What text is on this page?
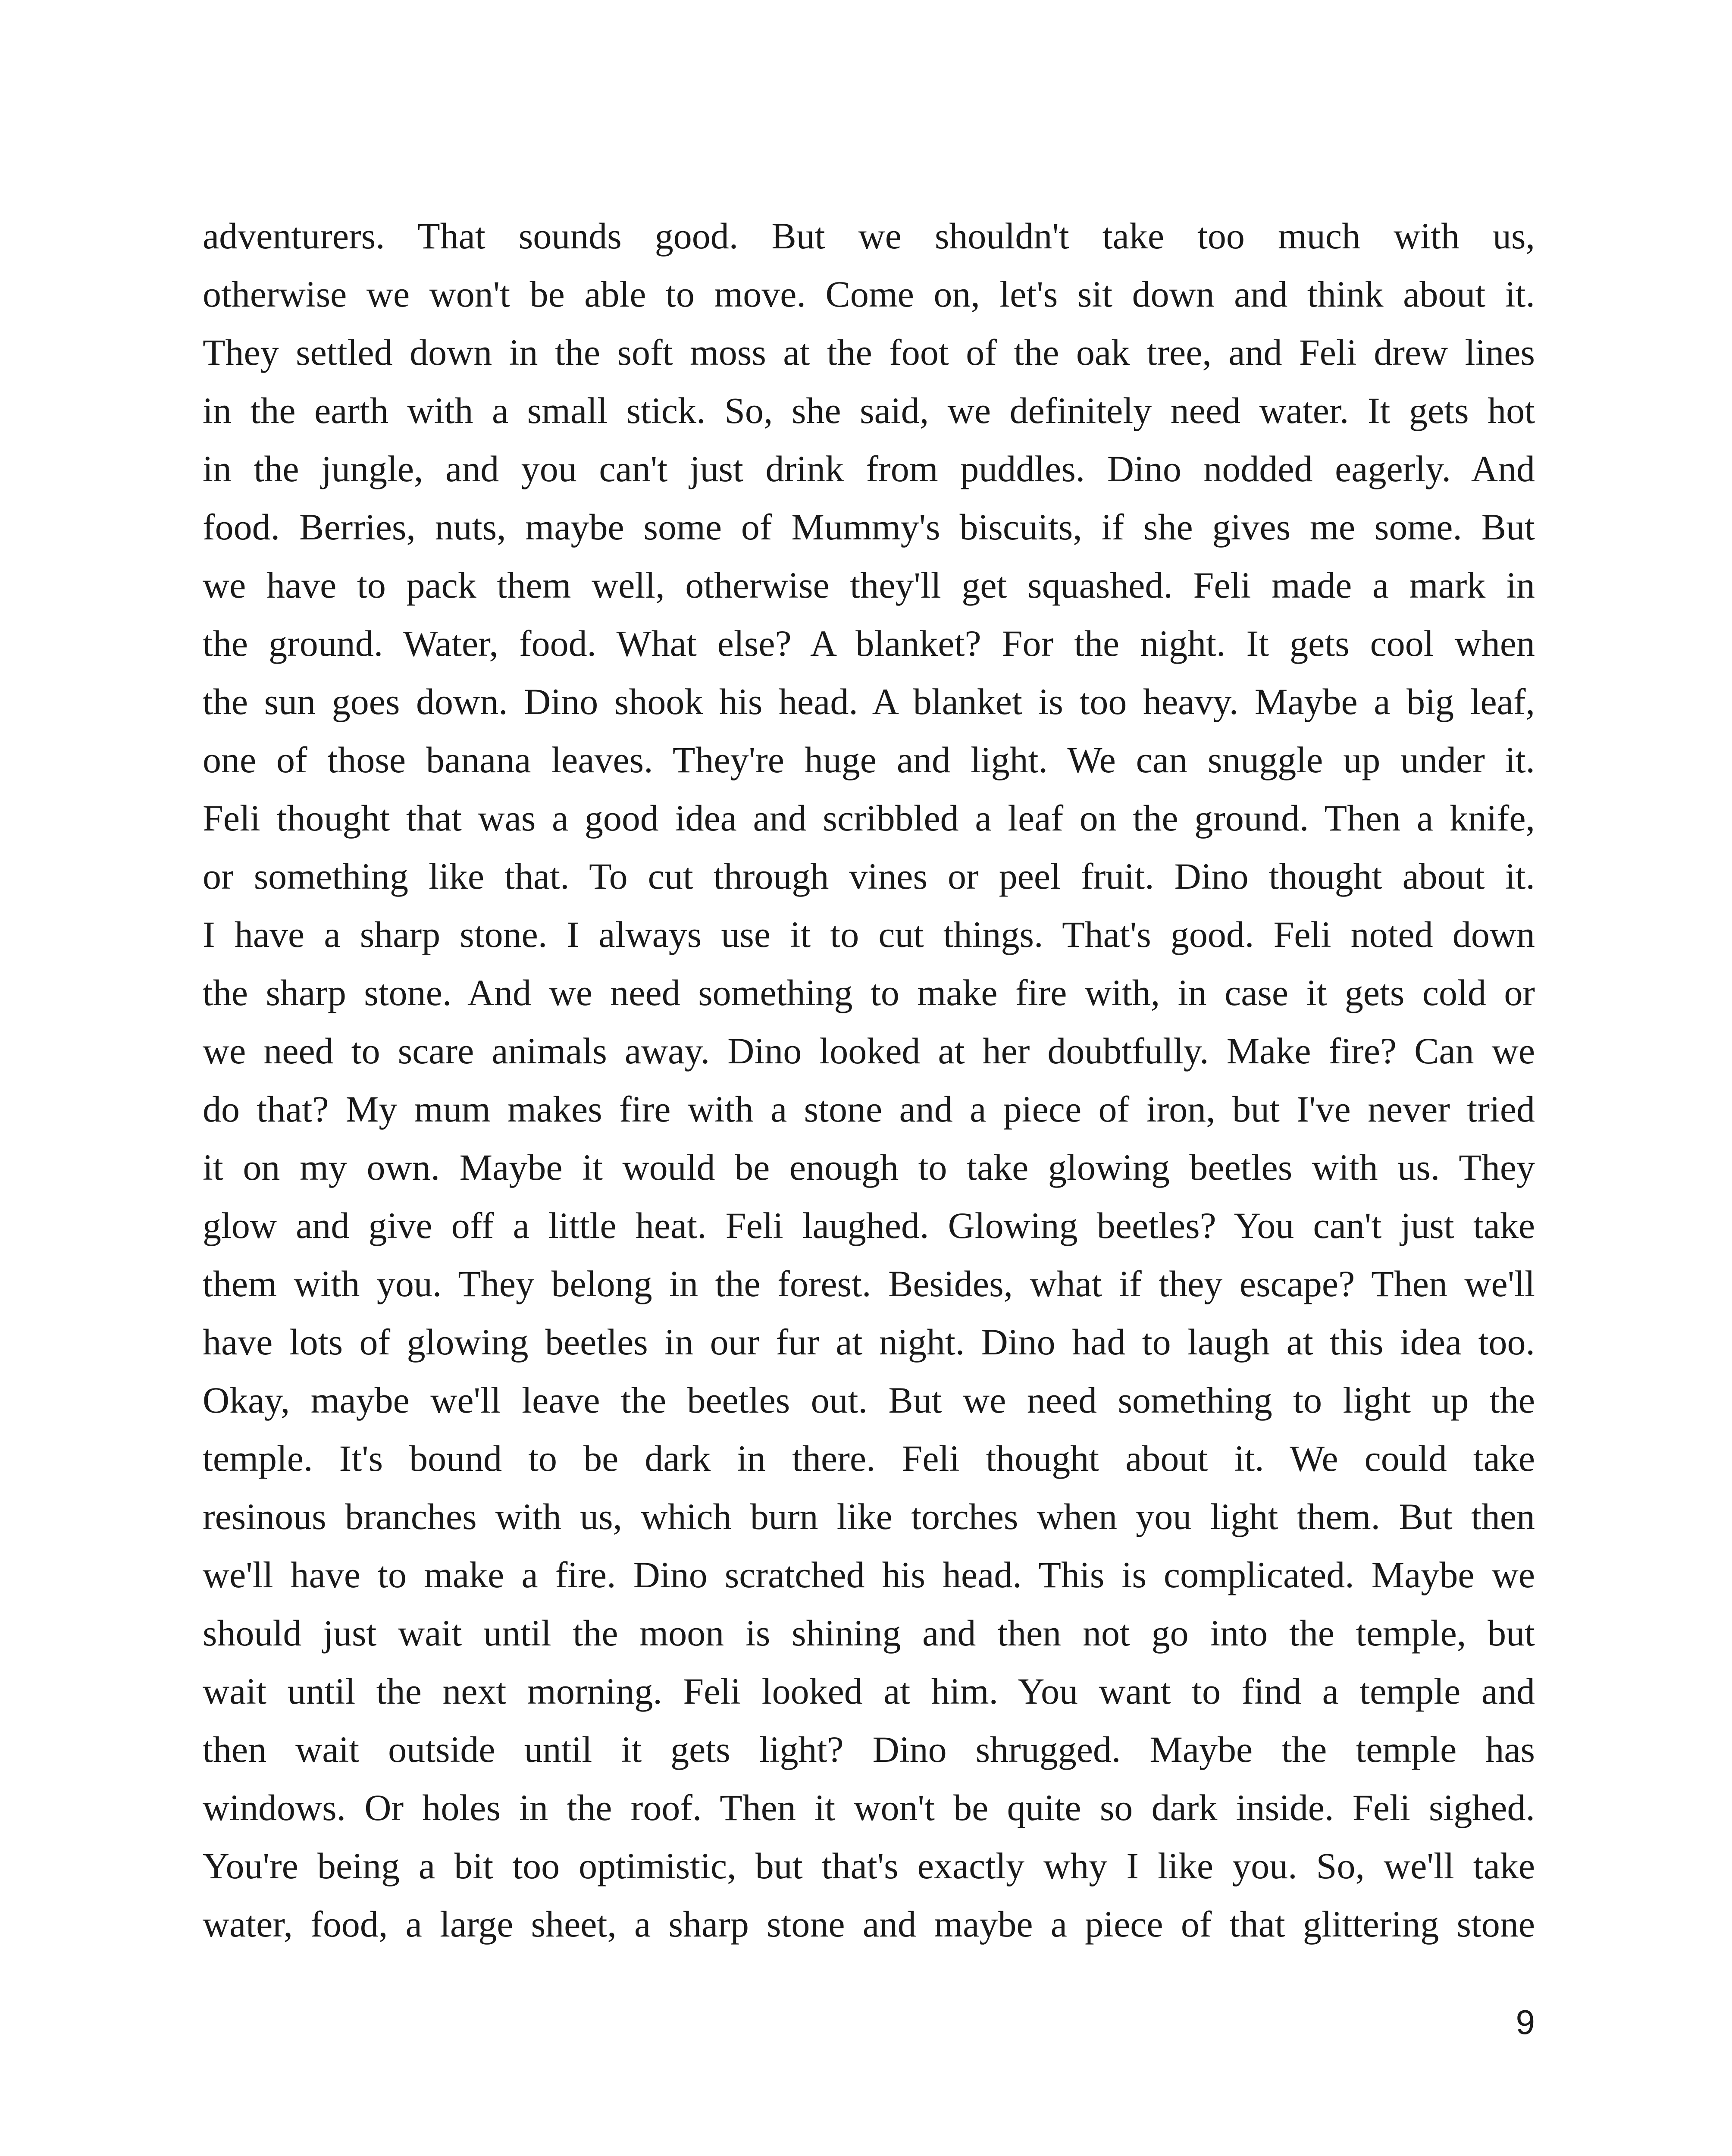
adventurers. That sounds good. But we shouldn't take too much with us,
otherwise we won't be able to move. Come on, let's sit down and think about it.
They settled down in the soft moss at the foot of the oak tree, and Feli drew lines
in the earth with a small stick. So, she said, we definitely need water. It gets hot
in the jungle, and you can't just drink from puddles. Dino nodded eagerly. And
food. Berries, nuts, maybe some of Mummy's biscuits, if she gives me some. But
we have to pack them well, otherwise they'll get squashed. Feli made a mark in
the ground. Water, food. What else? A blanket? For the night. It gets cool when
the sun goes down. Dino shook his head. A blanket is too heavy. Maybe a big leaf,
one of those banana leaves. They're huge and light. We can snuggle up under it.
Feli thought that was a good idea and scribbled a leaf on the ground. Then a knife,
or something like that. To cut through vines or peel fruit. Dino thought about it.
I have a sharp stone. I always use it to cut things. That's good. Feli noted down
the sharp stone. And we need something to make fire with, in case it gets cold or
we need to scare animals away. Dino looked at her doubtfully. Make fire? Can we
do that? My mum makes fire with a stone and a piece of iron, but I've never tried
it on my own. Maybe it would be enough to take glowing beetles with us. They
glow and give off a little heat. Feli laughed. Glowing beetles? You can't just take
them with you. They belong in the forest. Besides, what if they escape? Then we'll
have lots of glowing beetles in our fur at night. Dino had to laugh at this idea too.
Okay, maybe we'll leave the beetles out. But we need something to light up the
temple. It's bound to be dark in there. Feli thought about it. We could take
resinous branches with us, which burn like torches when you light them. But then
we'll have to make a fire. Dino scratched his head. This is complicated. Maybe we
should just wait until the moon is shining and then not go into the temple, but
wait until the next morning. Feli looked at him. You want to find a temple and
then wait outside until it gets light? Dino shrugged. Maybe the temple has
windows. Or holes in the roof. Then it won't be quite so dark inside. Feli sighed.
You're being a bit too optimistic, but that's exactly why I like you. So, we'll take
water, food, a large sheet, a sharp stone and maybe a piece of that glittering stone
9
